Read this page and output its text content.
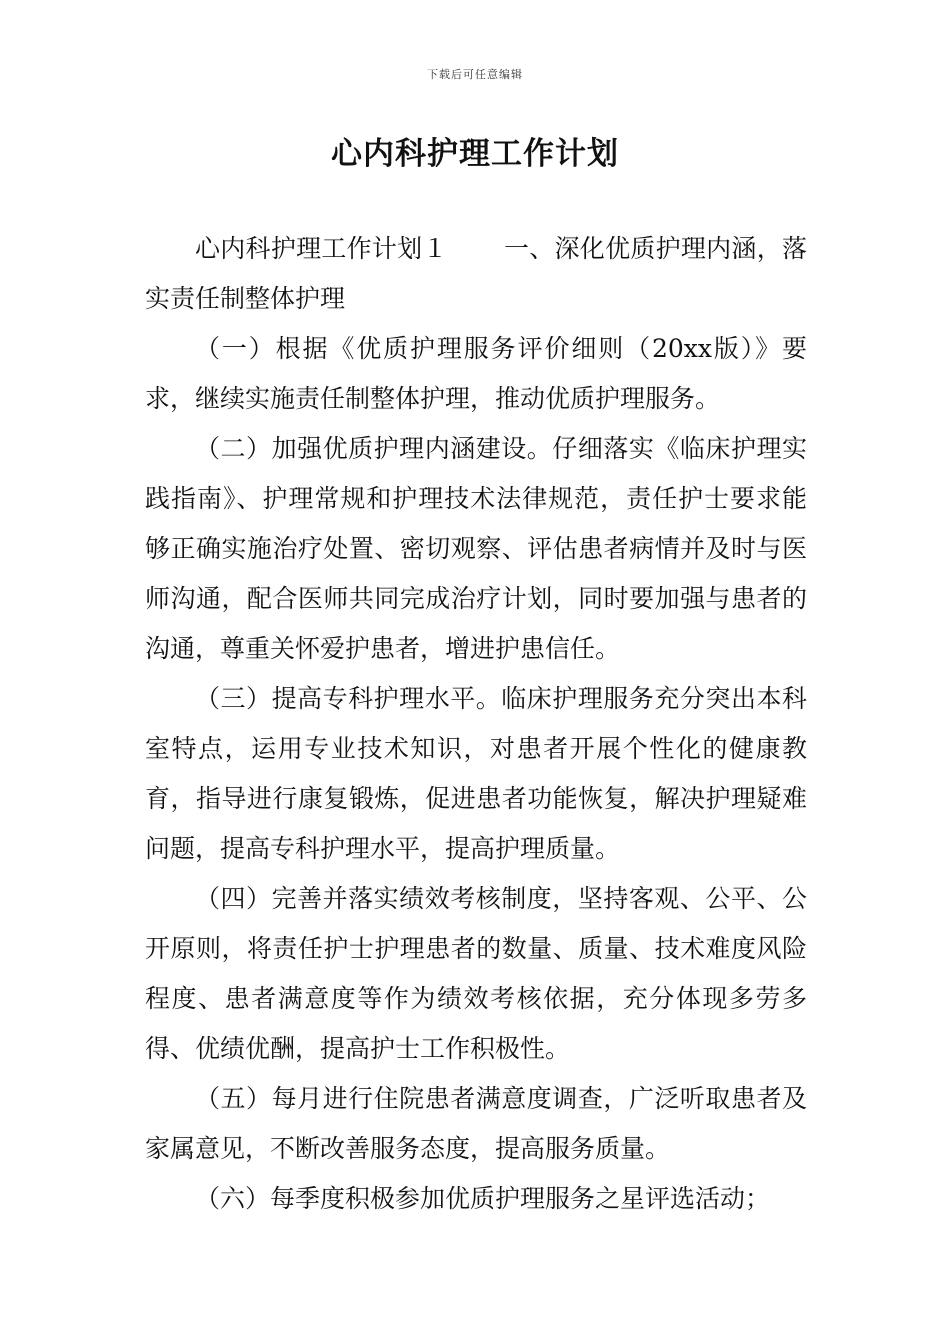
下载后可任意编辑
心内科护理工作计划

心内科护理工作计划１ 一、深化优质护理内涵，落实责任制整体护理

（一）根据《优质护理服务评价细则（20xx版）》要求，继续实施责任制整体护理，推动优质护理服务。

（二）加强优质护理内涵建设。仔细落实《临床护理实践指南》、护理常规和护理技术法律规范，责任护士要求能够正确实施治疗处置、密切观察、评估患者病情并及时与医师沟通，配合医师共同完成治疗计划，同时要加强与患者的沟通，尊重关怀爱护患者，增进护患信任。

（三）提高专科护理水平。临床护理服务充分突出本科室特点，运用专业技术知识，对患者开展个性化的健康教育，指导进行康复锻炼，促进患者功能恢复，解决护理疑难问题，提高专科护理水平，提高护理质量。

（四）完善并落实绩效考核制度，坚持客观、公平、公开原则，将责任护士护理患者的数量、质量、技术难度风险程度、患者满意度等作为绩效考核依据，充分体现多劳多得、优绩优酬，提高护士工作积极性。

（五）每月进行住院患者满意度调查，广泛听取患者及家属意见，不断改善服务态度，提高服务质量。

（六）每季度积极参加优质护理服务之星评选活动；
